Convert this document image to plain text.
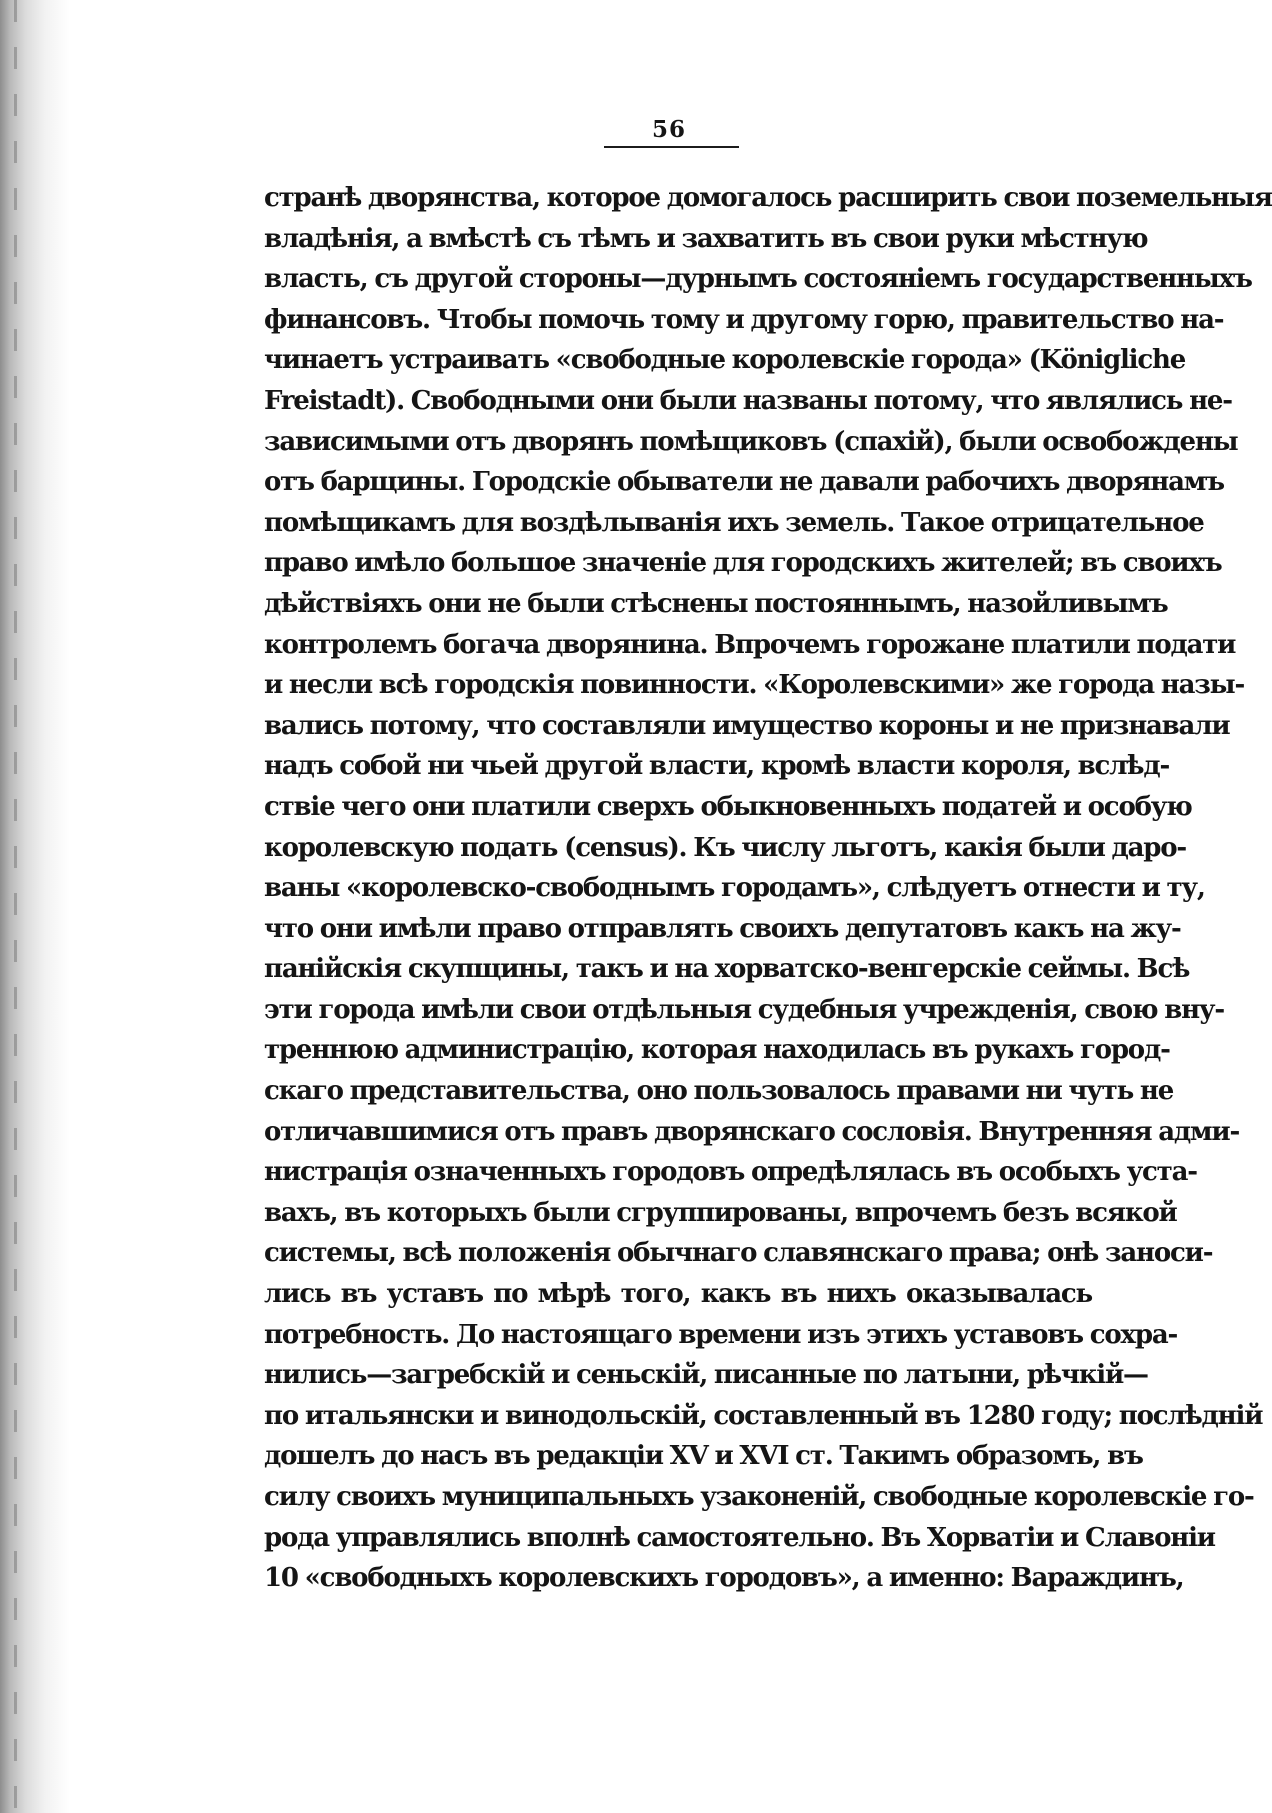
56
странѣ дворянства, которое домогалось расширить свои поземельныя
владѣнія, а вмѣстѣ съ тѣмъ и захватить въ свои руки мѣстную
власть, съ другой стороны—дурнымъ состояніемъ государственныхъ
финансовъ. Чтобы помочь тому и другому горю, правительство на-
чинаетъ устраивать «свободные королевскіе города» (Königliche
Freistadt). Свободными они были названы потому, что являлись не-
зависимыми отъ дворянъ помѣщиковъ (спахій), были освобождены
отъ барщины. Городскіе обыватели не давали рабочихъ дворянамъ
помѣщикамъ для воздѣлыванія ихъ земель. Такое отрицательное
право имѣло большое значеніе для городскихъ жителей; въ своихъ
дѣйствіяхъ они не были стѣснены постояннымъ, назойливымъ
контролемъ богача дворянина. Впрочемъ горожане платили подати
и несли всѣ городскія повинности. «Королевскими» же города назы-
вались потому, что составляли имущество короны и не признавали
надъ собой ни чьей другой власти, кромѣ власти короля, вслѣд-
ствіе чего они платили сверхъ обыкновенныхъ податей и особую
королевскую подать (census). Къ числу льготъ, какія были даро-
ваны «королевско-свободнымъ городамъ», слѣдуетъ отнести и ту,
что они имѣли право отправлять своихъ депутатовъ какъ на жу-
панійскія скупщины, такъ и на хорватско-венгерскіе сеймы. Всѣ
эти города имѣли свои отдѣльныя судебныя учрежденія, свою вну-
треннюю администрацію, которая находилась въ рукахъ город-
скаго представительства, оно пользовалось правами ни чуть не
отличавшимися отъ правъ дворянскаго сословія. Внутренняя адми-
нистрація означенныхъ городовъ опредѣлялась въ особыхъ уста-
вахъ, въ которыхъ были сгруппированы, впрочемъ безъ всякой
системы, всѣ положенія обычнаго славянскаго права; онѣ заноси-
лись въ уставъ по мѣрѣ того, какъ въ нихъ оказывалась
потребность. До настоящаго времени изъ этихъ уставовъ сохра-
нились—загребскій и сеньскій, писанные по латыни, рѣчкій—
по итальянски и винодольскій, составленный въ 1280 году; послѣдній
дошелъ до насъ въ редакціи XV и XVI ст. Такимъ образомъ, въ
силу своихъ муниципальныхъ узаконеній, свободные королевскіе го-
рода управлялись вполнѣ самостоятельно. Въ Хорватіи и Славоніи
10 «свободныхъ королевскихъ городовъ», а именно: Вараждинъ,
